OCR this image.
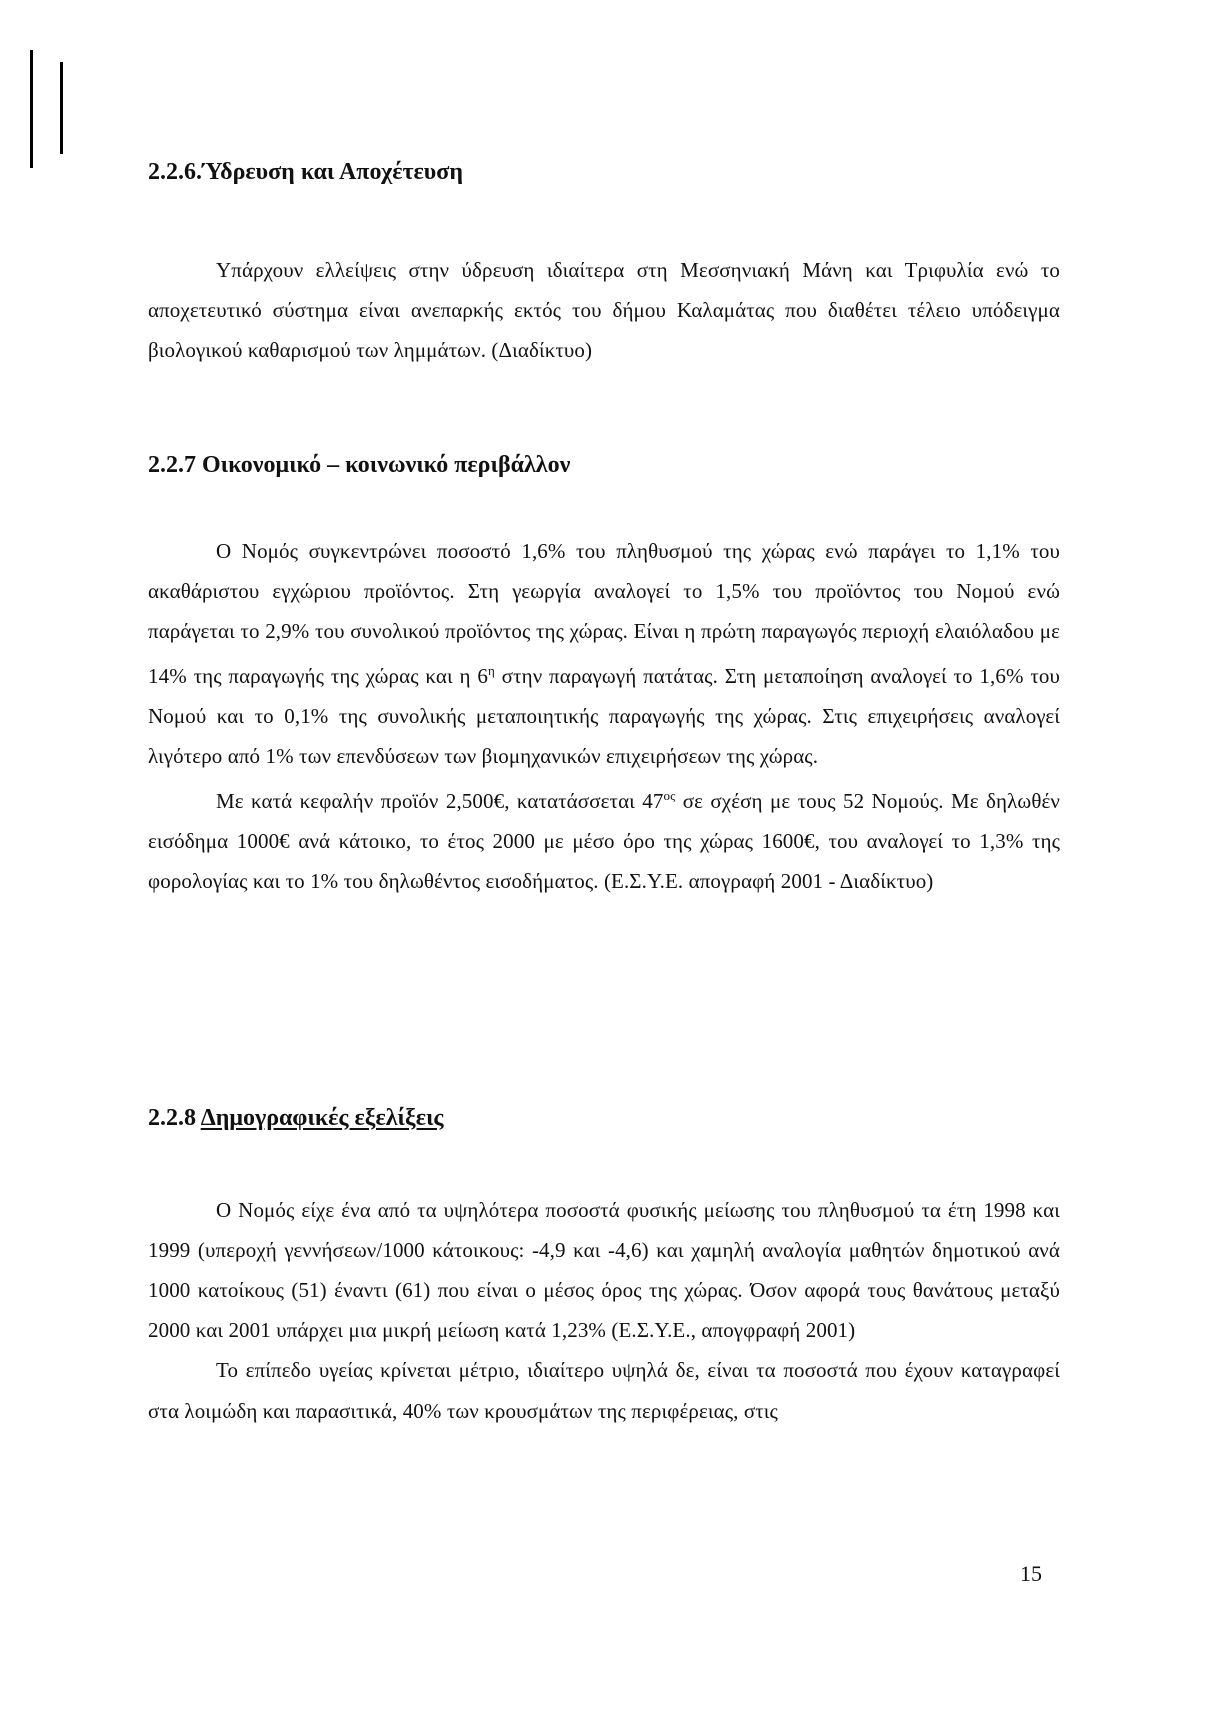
2.2.6.Ύδρευση και Αποχέτευση

Υπάρχουν ελλείψεις στην ύδρευση ιδιαίτερα στη Μεσσηνιακή Μάνη και Τριφυλία ενώ το αποχετευτικό σύστημα είναι ανεπαρκής εκτός του δήμου Καλαμάτας που διαθέτει τέλειο υπόδειγμα βιολογικού καθαρισμού των λημμάτων. (Διαδίκτυο)

2.2.7 Οικονομικό – κοινωνικό περιβάλλον

Ο Νομός συγκεντρώνει ποσοστό 1,6% του πληθυσμού της χώρας ενώ παράγει το 1,1% του ακαθάριστου εγχώριου προϊόντος. Στη γεωργία αναλογεί το 1,5% του προϊόντος του Νομού ενώ παράγεται το 2,9% του συνολικού προϊόντος της χώρας. Είναι η πρώτη παραγωγός περιοχή ελαιόλαδου με 14% της παραγωγής της χώρας και η $6^\eta$ στην παραγωγή πατάτας. Στη μεταποίηση αναλογεί το 1,6% του Νομού και το 0,1% της συνολικής μεταποιητικής παραγωγής της χώρας. Στις επιχειρήσεις αναλογεί λιγότερο από 1% των επενδύσεων των βιομηχανικών επιχειρήσεων της χώρας.

Με κατά κεφαλήν προϊόν 2,500€, κατατάσσεται $47^{o\varsigma}$ σε σχέση με τους 52 Νομούς. Με δηλωθέν εισόδημα 1000€ ανά κάτοικο, το έτος 2000 με μέσο όρο της χώρας 1600€, του αναλογεί το 1,3% της φορολογίας και το 1% του δηλωθέντος εισοδήματος. (Ε.Σ.Υ.Ε. απογραφή 2001 - Διαδίκτυο)

2.2.8 Δημογραφικές εξελίξεις

Ο Νομός είχε ένα από τα υψηλότερα ποσοστά φυσικής μείωσης του πληθυσμού τα έτη 1998 και 1999 (υπεροχή γεννήσεων/1000 κάτοικους: -4,9 και -4,6) και χαμηλή αναλογία μαθητών δημοτικού ανά 1000 κατοίκους (51) έναντι (61) που είναι ο μέσος όρος της χώρας. Όσον αφορά τους θανάτους μεταξύ 2000 και 2001 υπάρχει μια μικρή μείωση κατά 1,23% (Ε.Σ.Υ.Ε., απογφραφή 2001)

Το επίπεδο υγείας κρίνεται μέτριο, ιδιαίτερο υψηλά δε, είναι τα ποσοστά που έχουν καταγραφεί στα λοιμώδη και παρασιτικά, 40% των κρουσμάτων της περιφέρειας, στις

15
